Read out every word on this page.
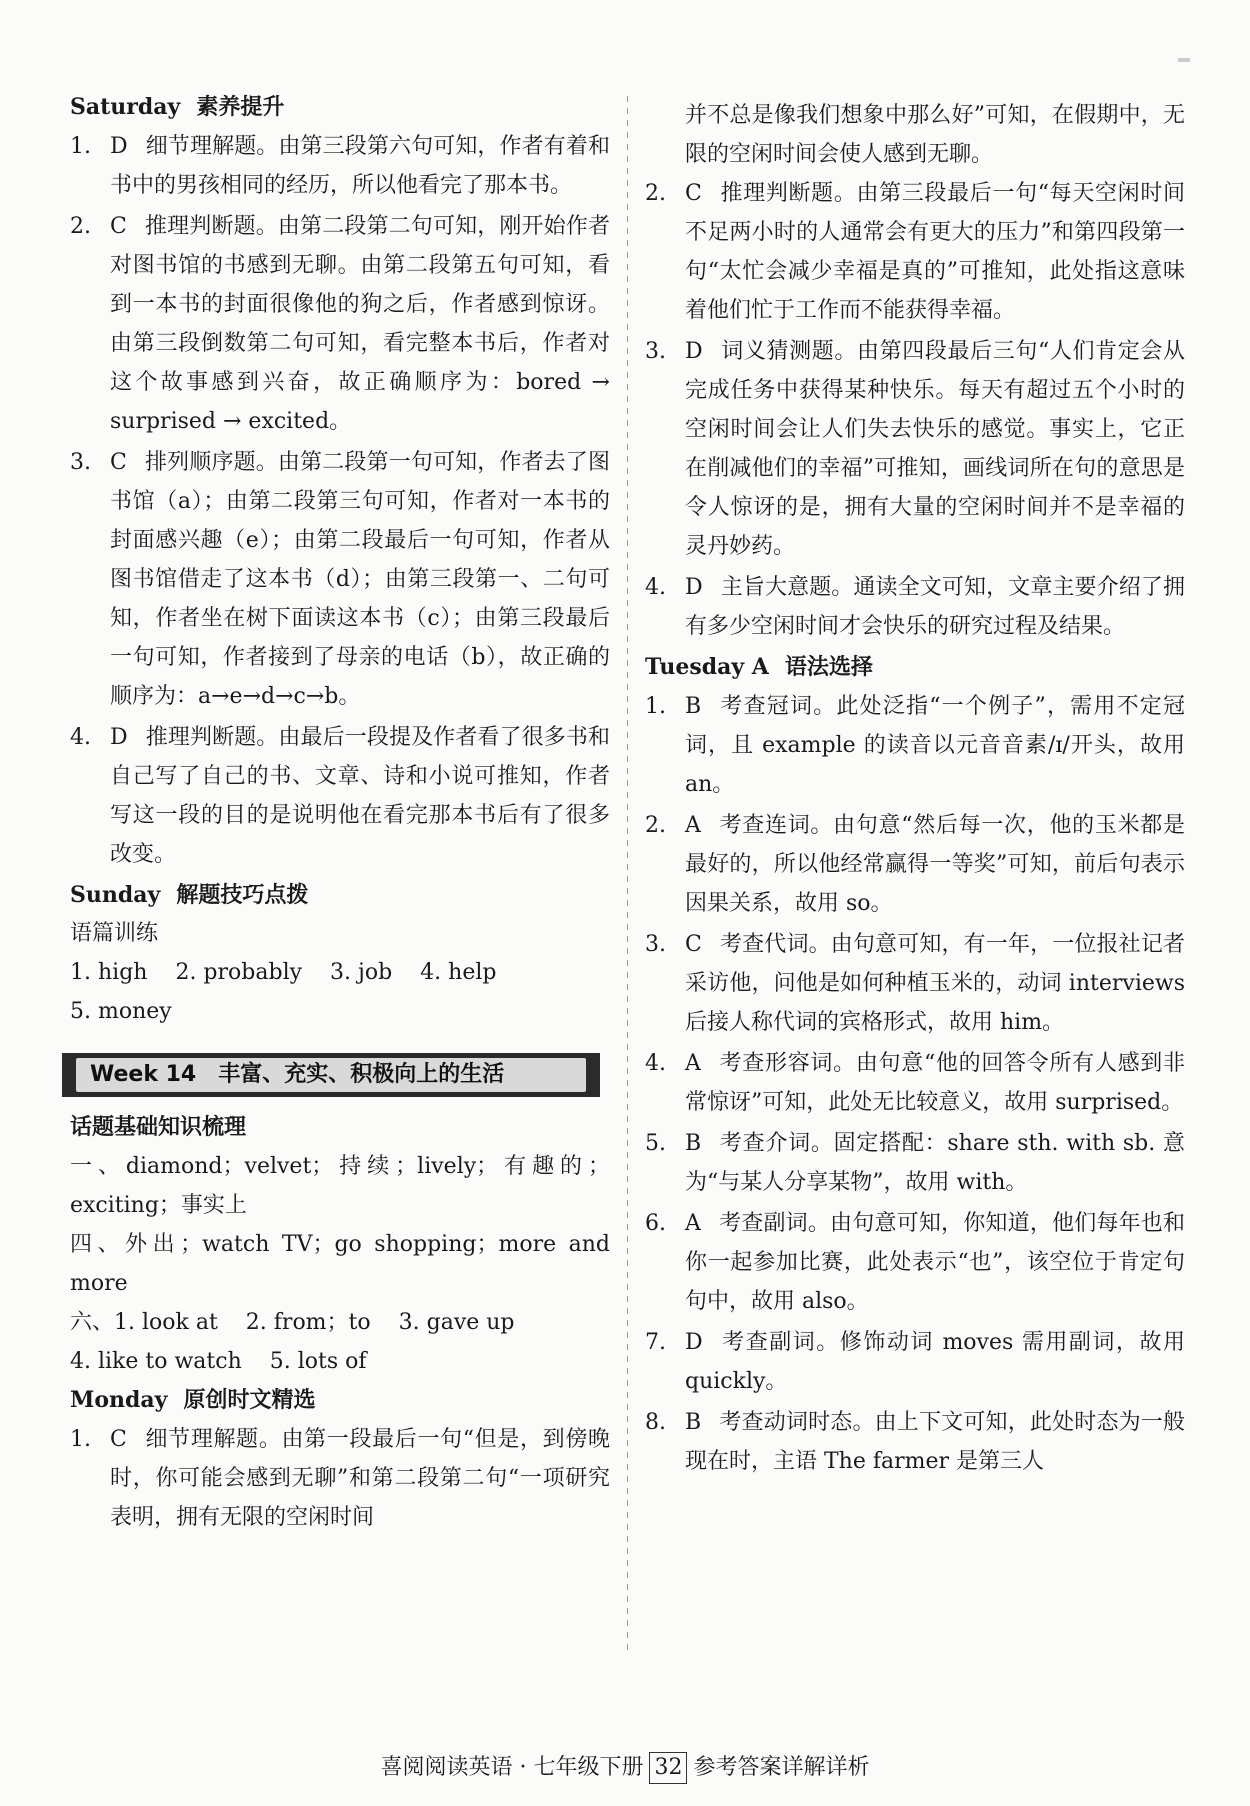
Saturday 素养提升

1. D 细节理解题。由第三段第六句可知，作者有着和书中的男孩相同的经历，所以他看完了那本书。
2. C 推理判断题。由第二段第二句可知，刚开始作者对图书馆的书感到无聊。由第二段第五句可知，看到一本书的封面很像他的狗之后，作者感到惊讶。由第三段倒数第二句可知，看完整本书后，作者对这个故事感到兴奋，故正确顺序为：bored → surprised → excited。
3. C 排列顺序题。由第二段第一句可知，作者去了图书馆（a）；由第二段第三句可知，作者对一本书的封面感兴趣（e）；由第二段最后一句可知，作者从图书馆借走了这本书（d）；由第三段第一、二句可知，作者坐在树下面读这本书（c）；由第三段最后一句可知，作者接到了母亲的电话（b），故正确的顺序为：a→e→d→c→b。
4. D 推理判断题。由最后一段提及作者看了很多书和自己写了自己的书、文章、诗和小说可推知，作者写这一段的目的是说明他在看完那本书后有了很多改变。

Sunday 解题技巧点拨

语篇训练

1. high 2. probably 3. job 4. help
5. money
Week 14 丰富、充实、积极向上的生活

话题基础知识梳理

一、diamond；velvet；持续；lively；有趣的；exciting；事实上

四、外出；watch TV；go shopping；more and more

六、1. look at 2. from；to 3. gave up
4. like to watch 5. lots of

Monday 原创时文精选

1. C 细节理解题。由第一段最后一句“但是，到傍晚时，你可能会感到无聊”和第二段第二句“一项研究表明，拥有无限的空闲时间

并不总是像我们想象中那么好”可知，在假期中，无限的空闲时间会使人感到无聊。

2. C 推理判断题。由第三段最后一句“每天空闲时间不足两小时的人通常会有更大的压力”和第四段第一句“太忙会减少幸福是真的”可推知，此处指这意味着他们忙于工作而不能获得幸福。
3. D 词义猜测题。由第四段最后三句“人们肯定会从完成任务中获得某种快乐。每天有超过五个小时的空闲时间会让人们失去快乐的感觉。事实上，它正在削减他们的幸福”可推知，画线词所在句的意思是令人惊讶的是，拥有大量的空闲时间并不是幸福的灵丹妙药。
4. D 主旨大意题。通读全文可知，文章主要介绍了拥有多少空闲时间才会快乐的研究过程及结果。

Tuesday A 语法选择

1. B 考查冠词。此处泛指“一个例子”，需用不定冠词，且 example 的读音以元音音素/ɪ/开头，故用 an。
2. A 考查连词。由句意“然后每一次，他的玉米都是最好的，所以他经常赢得一等奖”可知，前后句表示因果关系，故用 so。
3. C 考查代词。由句意可知，有一年，一位报社记者采访他，问他是如何种植玉米的，动词 interviews 后接人称代词的宾格形式，故用 him。
4. A 考查形容词。由句意“他的回答令所有人感到非常惊讶”可知，此处无比较意义，故用 surprised。
5. B 考查介词。固定搭配：share sth. with sb. 意为“与某人分享某物”，故用 with。
6. A 考查副词。由句意可知，你知道，他们每年也和你一起参加比赛，此处表示“也”，该空位于肯定句句中，故用 also。
7. D 考查副词。修饰动词 moves 需用副词，故用 quickly。
8. B 考查动词时态。由上下文可知，此处时态为一般现在时，主语 The farmer 是第三人
喜阅阅读英语 · 七年级下册 32 参考答案详解详析
